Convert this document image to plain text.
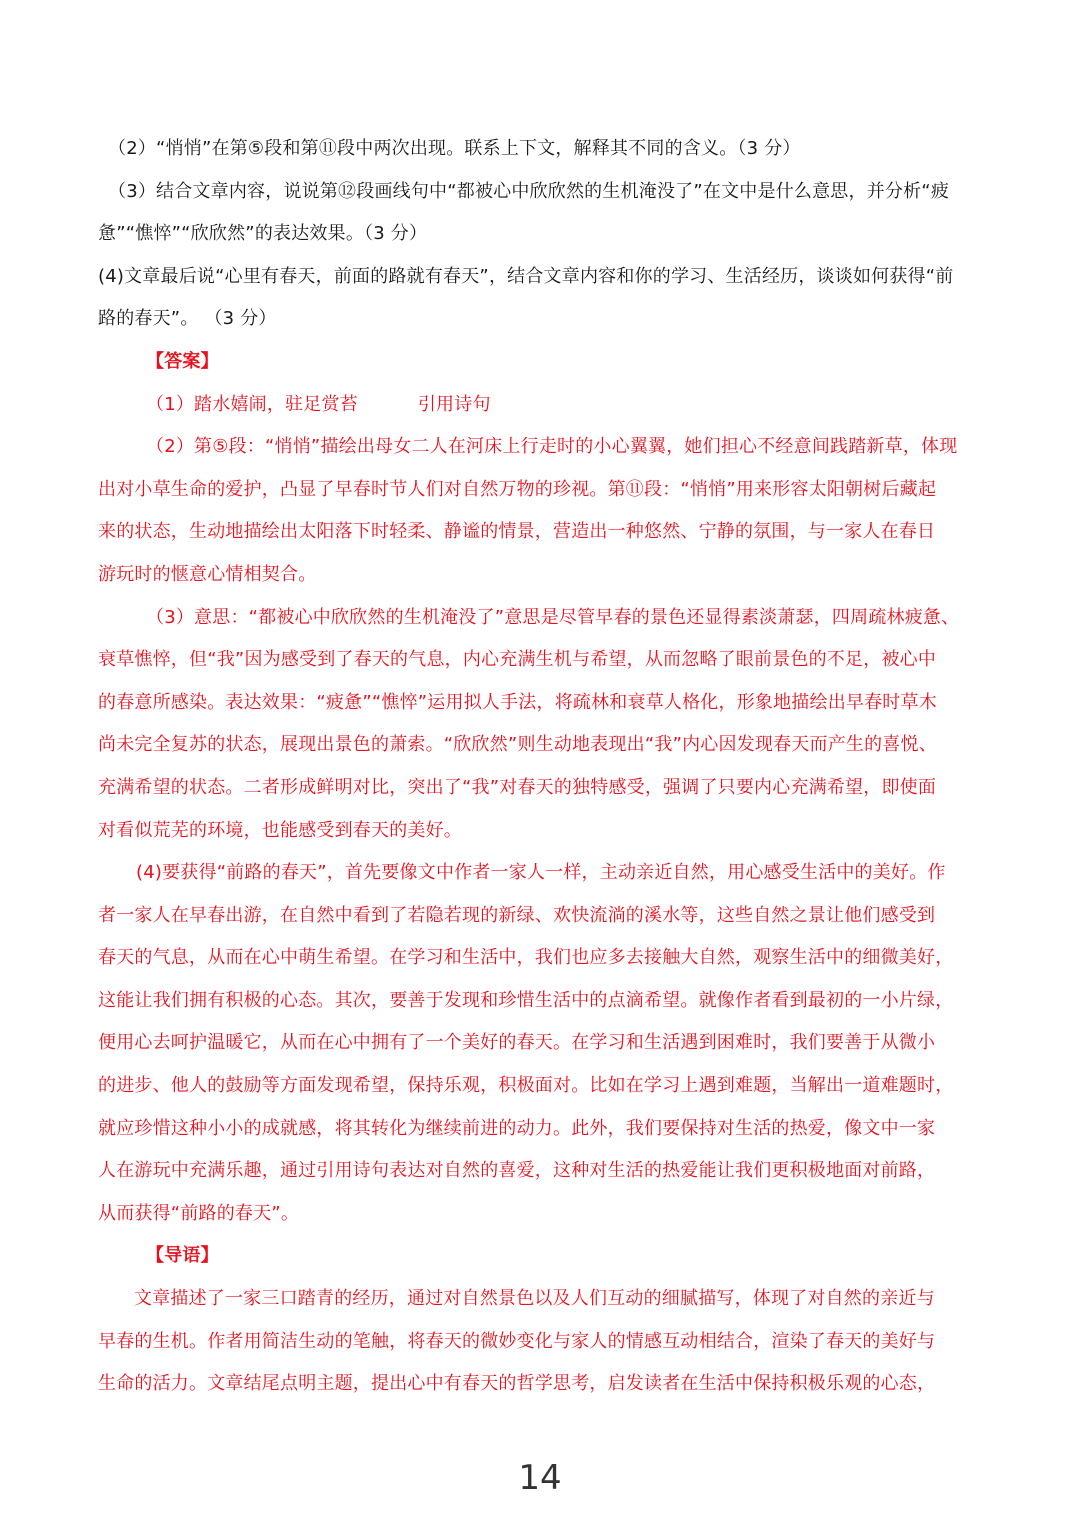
（2）“悄悄”在第⑤段和第⑪段中两次出现。联系上下文，解释其不同的含义。（3 分）
（3）结合文章内容，说说第⑫段画线句中“都被心中欣欣然的生机淹没了”在文中是什么意思，并分析“疲
惫”“憔悴”“欣欣然”的表达效果。（3 分）
(4)文章最后说“心里有春天，前面的路就有春天”，结合文章内容和你的学习、生活经历，谈谈如何获得“前
路的春天”。 （3 分）
【答案】
（1）踏水嬉闹，驻足赏苔	引用诗句
（2）第⑤段：“悄悄”描绘出母女二人在河床上行走时的小心翼翼，她们担心不经意间践踏新草，体现
出对小草生命的爱护，凸显了早春时节人们对自然万物的珍视。第⑪段：“悄悄”用来形容太阳朝树后藏起
来的状态，生动地描绘出太阳落下时轻柔、静谧的情景，营造出一种悠然、宁静的氛围，与一家人在春日
游玩时的惬意心情相契合。
（3）意思：“都被心中欣欣然的生机淹没了”意思是尽管早春的景色还显得素淡萧瑟，四周疏林疲惫、
衰草憔悴，但“我”因为感受到了春天的气息，内心充满生机与希望，从而忽略了眼前景色的不足，被心中
的春意所感染。表达效果：“疲惫”“憔悴”运用拟人手法，将疏林和衰草人格化，形象地描绘出早春时草木
尚未完全复苏的状态，展现出景色的萧索。“欣欣然”则生动地表现出“我”内心因发现春天而产生的喜悦、
充满希望的状态。二者形成鲜明对比，突出了“我”对春天的独特感受，强调了只要内心充满希望，即使面
对看似荒芜的环境，也能感受到春天的美好。
(4)要获得“前路的春天”，首先要像文中作者一家人一样，主动亲近自然，用心感受生活中的美好。作
者一家人在早春出游，在自然中看到了若隐若现的新绿、欢快流淌的溪水等，这些自然之景让他们感受到
春天的气息，从而在心中萌生希望。在学习和生活中，我们也应多去接触大自然，观察生活中的细微美好，
这能让我们拥有积极的心态。其次，要善于发现和珍惜生活中的点滴希望。就像作者看到最初的一小片绿，
便用心去呵护温暖它，从而在心中拥有了一个美好的春天。在学习和生活遇到困难时，我们要善于从微小
的进步、他人的鼓励等方面发现希望，保持乐观，积极面对。比如在学习上遇到难题，当解出一道难题时，
就应珍惜这种小小的成就感，将其转化为继续前进的动力。此外，我们要保持对生活的热爱，像文中一家
人在游玩中充满乐趣，通过引用诗句表达对自然的喜爱，这种对生活的热爱能让我们更积极地面对前路，
从而获得“前路的春天”。
【导语】
文章描述了一家三口踏青的经历，通过对自然景色以及人们互动的细腻描写，体现了对自然的亲近与
早春的生机。作者用简洁生动的笔触，将春天的微妙变化与家人的情感互动相结合，渲染了春天的美好与
生命的活力。文章结尾点明主题，提出心中有春天的哲学思考，启发读者在生活中保持积极乐观的心态，
14
